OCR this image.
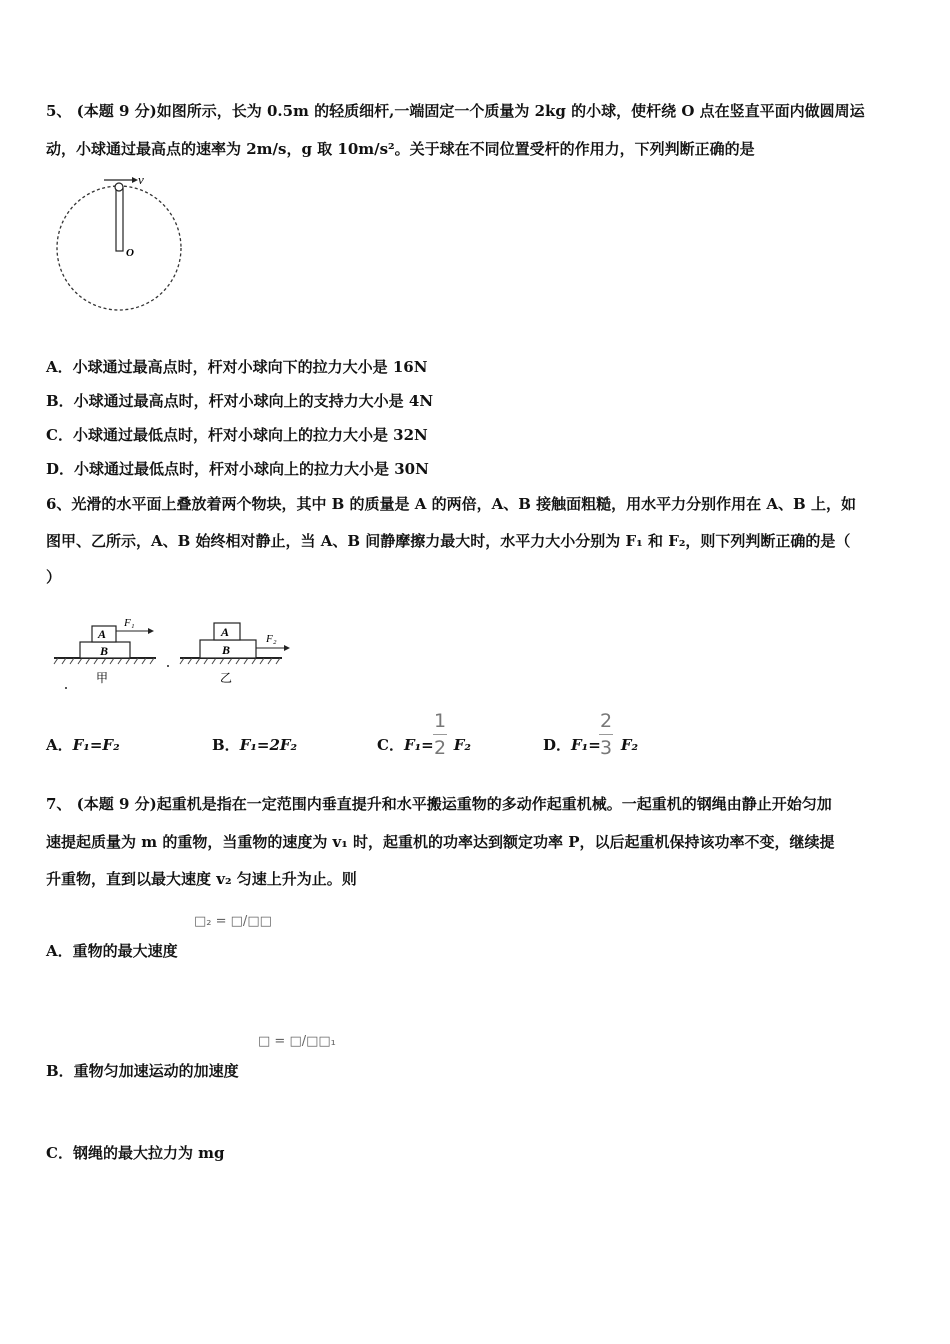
5、 (本题 9 分)如图所示，长为 0.5m 的轻质细杆,一端固定一个质量为 2kg 的小球，使杆绕 O 点在竖直平面内做圆周运
动，小球通过最高点的速率为 2m/s，g 取 10m/s²。关于球在不同位置受杆的作用力，下列判断正确的是
v
O
A．小球通过最高点时，杆对小球向下的拉力大小是 16N
B．小球通过最高点时，杆对小球向上的支持力大小是 4N
C．小球通过最低点时，杆对小球向上的拉力大小是 32N
D．小球通过最低点时，杆对小球向上的拉力大小是 30N
6、光滑的水平面上叠放着两个物块，其中 B 的质量是 A 的两倍，A、B 接触面粗糙，用水平力分别作用在 A、B 上，如
图甲、乙所示，A、B 始终相对静止，当 A、B 间静摩擦力最大时，水平力大小分别为 F₁ 和 F₂，则下列判断正确的是（
）
B
A
F₁
甲
B
A	F₂
乙
A．F₁=F₂	B．F₁=2F₂	C．F₁= F₂
1
2	D．F₁= F₂
2
3
7、 (本题 9 分)起重机是指在一定范围内垂直提升和水平搬运重物的多动作起重机械。一起重机的钢绳由静止开始匀加
速提起质量为 m 的重物，当重物的速度为 v₁ 时，起重机的功率达到额定功率 P，以后起重机保持该功率不变，继续提
升重物，直到以最大速度 v₂ 匀速上升为止。则
□₂ = □/□□
A．重物的最大速度
□ = □/□□₁
B．重物匀加速运动的加速度
C．钢绳的最大拉力为 mg
